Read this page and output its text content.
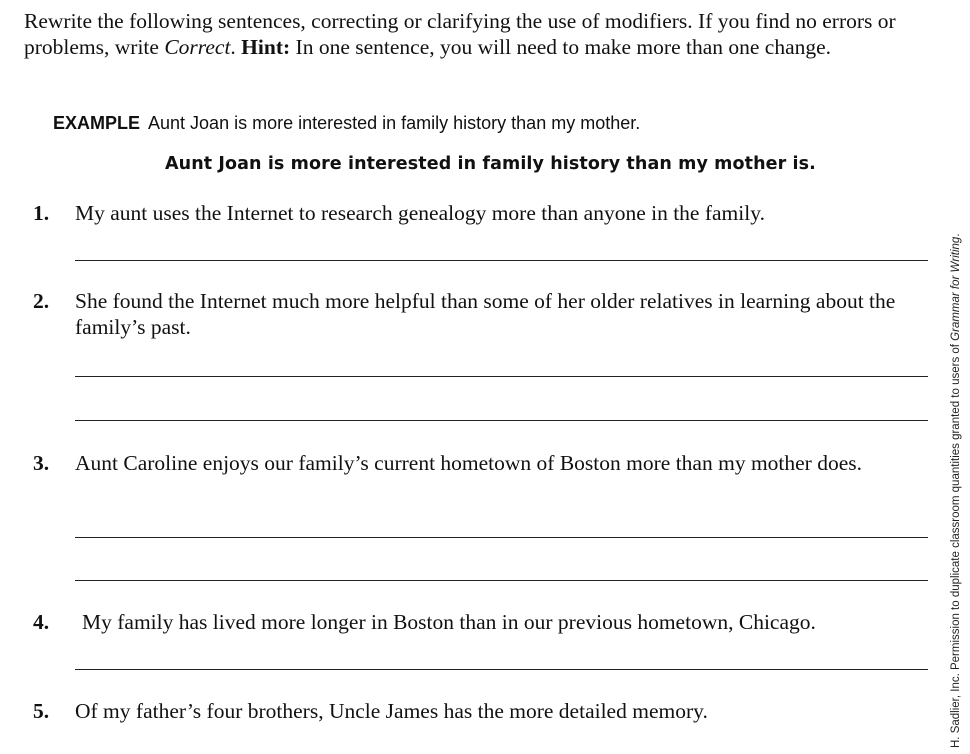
Rewrite the following sentences, correcting or clarifying the use of modifiers. If you find no errors or problems, write Correct. Hint: In one sentence, you will need to make more than one change.
EXAMPLE Aunt Joan is more interested in family history than my mother.
Aunt Joan is more interested in family history than my mother is.
1. My aunt uses the Internet to research genealogy more than anyone in the family.
2. She found the Internet much more helpful than some of her older relatives in learning about the family’s past.
3. Aunt Caroline enjoys our family’s current hometown of Boston more than my mother does.
4. My family has lived more longer in Boston than in our previous hometown, Chicago.
5. Of my father’s four brothers, Uncle James has the more detailed memory.	H. Sadlier, Inc. Permission to duplicate classroom quantities granted to users of Grammar for Writing.
